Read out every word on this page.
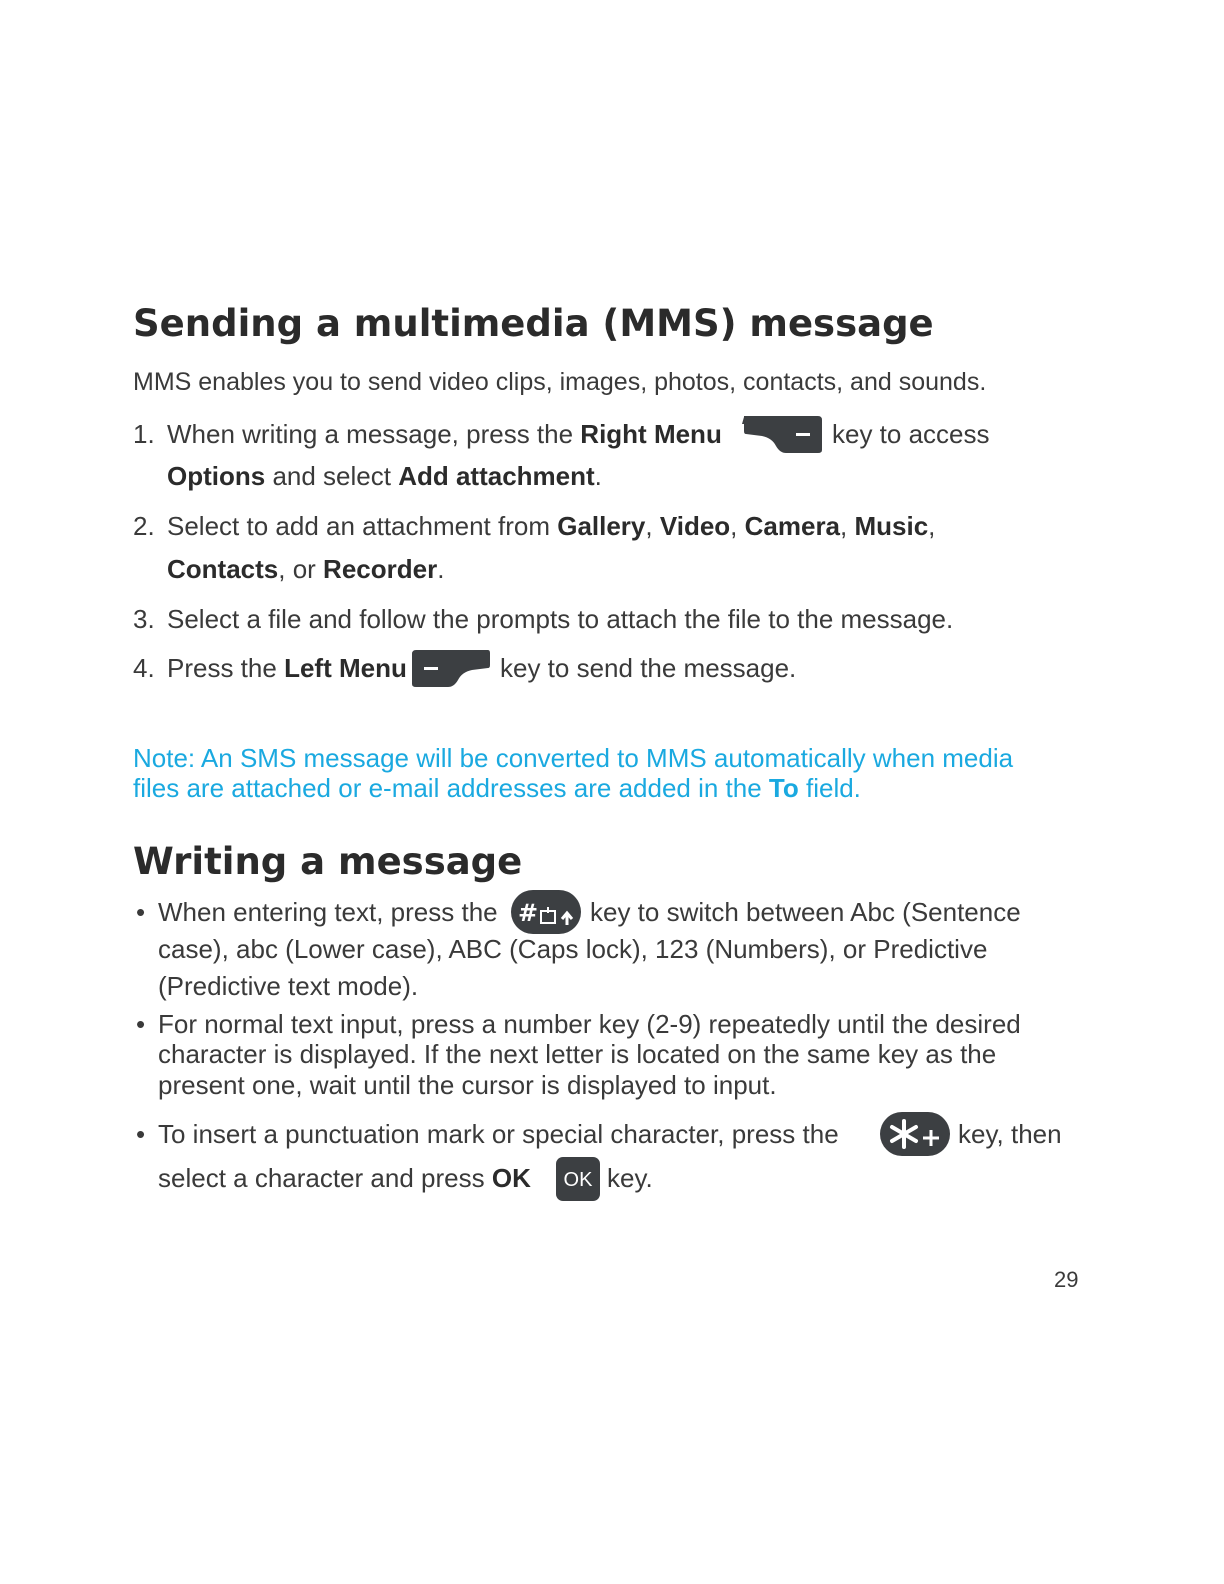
Sending a multimedia (MMS) message

MMS enables you to send video clips, images, photos, contacts, and sounds.

1. When writing a message, press the Right Menu	key to access

Options and select Add attachment.

2. Select to add an attachment from Gallery, Video, Camera, Music,

Contacts, or Recorder.

3. Select a file and follow the prompts to attach the file to the message.

4. Press the Left Menu	key to send the message.

Note: An SMS message will be converted to MMS automatically when media

files are attached or e-mail addresses are added in the To field.

Writing a message
• When entering text, press the # key to switch between Abc (Sentence

case), abc (Lower case), ABC (Caps lock), 123 (Numbers), or Predictive

(Predictive text mode).

• For normal text input, press a number key (2-9) repeatedly until the desired

character is displayed. If the next letter is located on the same key as the

present one, wait until the cursor is displayed to input.

• To insert a punctuation mark or special character, press the	key, then

select a character and press OK OK key.

29
